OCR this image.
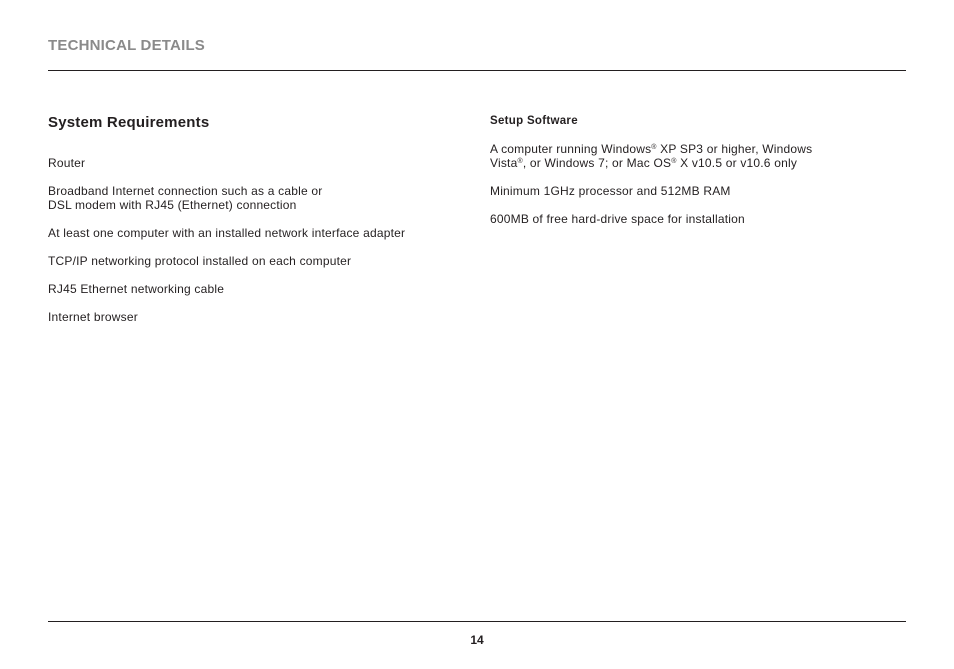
TECHNICAL DETAILS
System Requirements
Router
Broadband Internet connection such as a cable or
DSL modem with RJ45 (Ethernet) connection
At least one computer with an installed network interface adapter
TCP/IP networking protocol installed on each computer
RJ45 Ethernet networking cable
Internet browser
Setup Software
A computer running Windows® XP SP3 or higher, Windows
Vista®, or Windows 7; or Mac OS® X v10.5 or v10.6 only
Minimum 1GHz processor and 512MB RAM
600MB of free hard-drive space for installation
14
